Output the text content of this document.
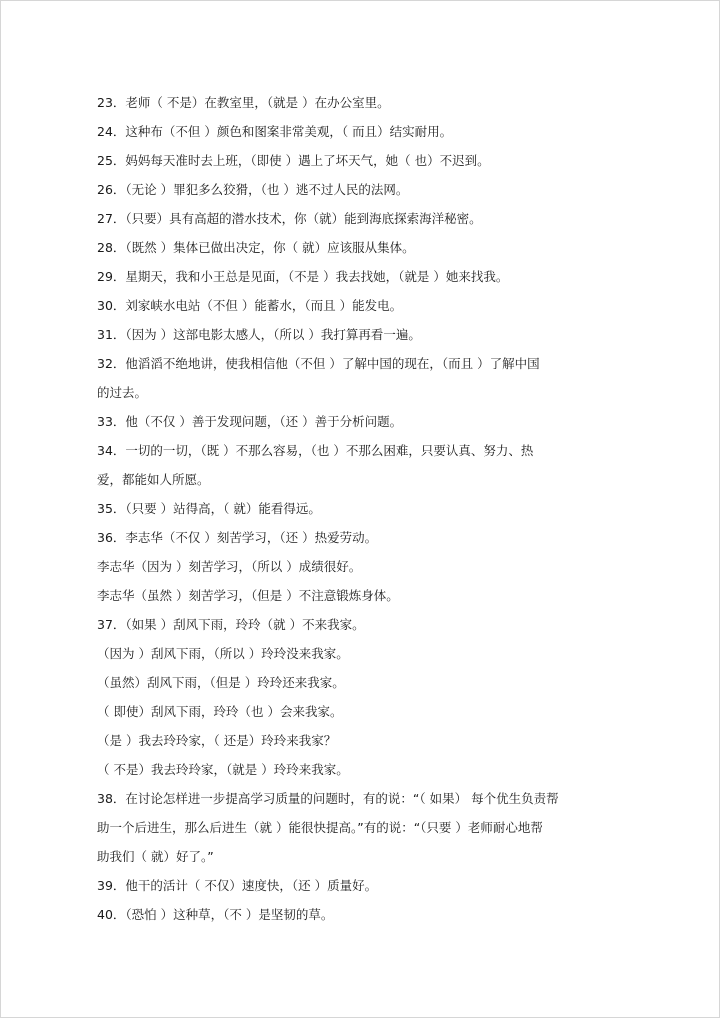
23．老师（ 不是）在教室里，（就是 ）在办公室里。
24．这种布（不但 ）颜色和图案非常美观，（ 而且）结实耐用。
25．妈妈每天准时去上班，（即使 ）遇上了坏天气，她（ 也）不迟到。
26．（无论 ）罪犯多么狡猾，（也 ）逃不过人民的法网。
27．（只要）具有高超的潜水技术，你（就）能到海底探索海洋秘密。
28．（既然 ）集体已做出决定，你（ 就）应该服从集体。
29．星期天，我和小王总是见面，（不是 ）我去找她，（就是 ）她来找我。
30．刘家峡水电站（不但 ）能蓄水，（而且 ）能发电。
31．（因为 ）这部电影太感人，（所以 ）我打算再看一遍。
32．他滔滔不绝地讲，使我相信他（不但 ）了解中国的现在，（而且 ）了解中国
的过去。
33．他（不仅 ）善于发现问题，（还 ）善于分析问题。
34．一切的一切，（既 ）不那么容易，（也 ）不那么困难，只要认真、努力、热
爱，都能如人所愿。
35．（只要 ）站得高，（ 就）能看得远。
36．李志华（不仅 ）刻苦学习，（还 ）热爱劳动。
李志华（因为 ）刻苦学习，（所以 ）成绩很好。
李志华（虽然 ）刻苦学习，（但是 ）不注意锻炼身体。
37．（如果 ）刮风下雨，玲玲（就 ）不来我家。
（因为 ）刮风下雨，（所以 ）玲玲没来我家。
（虽然）刮风下雨，（但是 ）玲玲还来我家。
（ 即使）刮风下雨，玲玲（也 ）会来我家。
（是 ）我去玲玲家，（ 还是）玲玲来我家？
（ 不是）我去玲玲家，（就是 ）玲玲来我家。
38．在讨论怎样进一步提高学习质量的问题时，有的说：“（ 如果） 每个优生负责帮
助一个后进生，那么后进生（就 ）能很快提高。”有的说：“（只要 ）老师耐心地帮
助我们（ 就）好了。”
39．他干的活计（ 不仅）速度快，（还 ）质量好。
40．（恐怕 ）这种草，（不 ）是坚韧的草。
